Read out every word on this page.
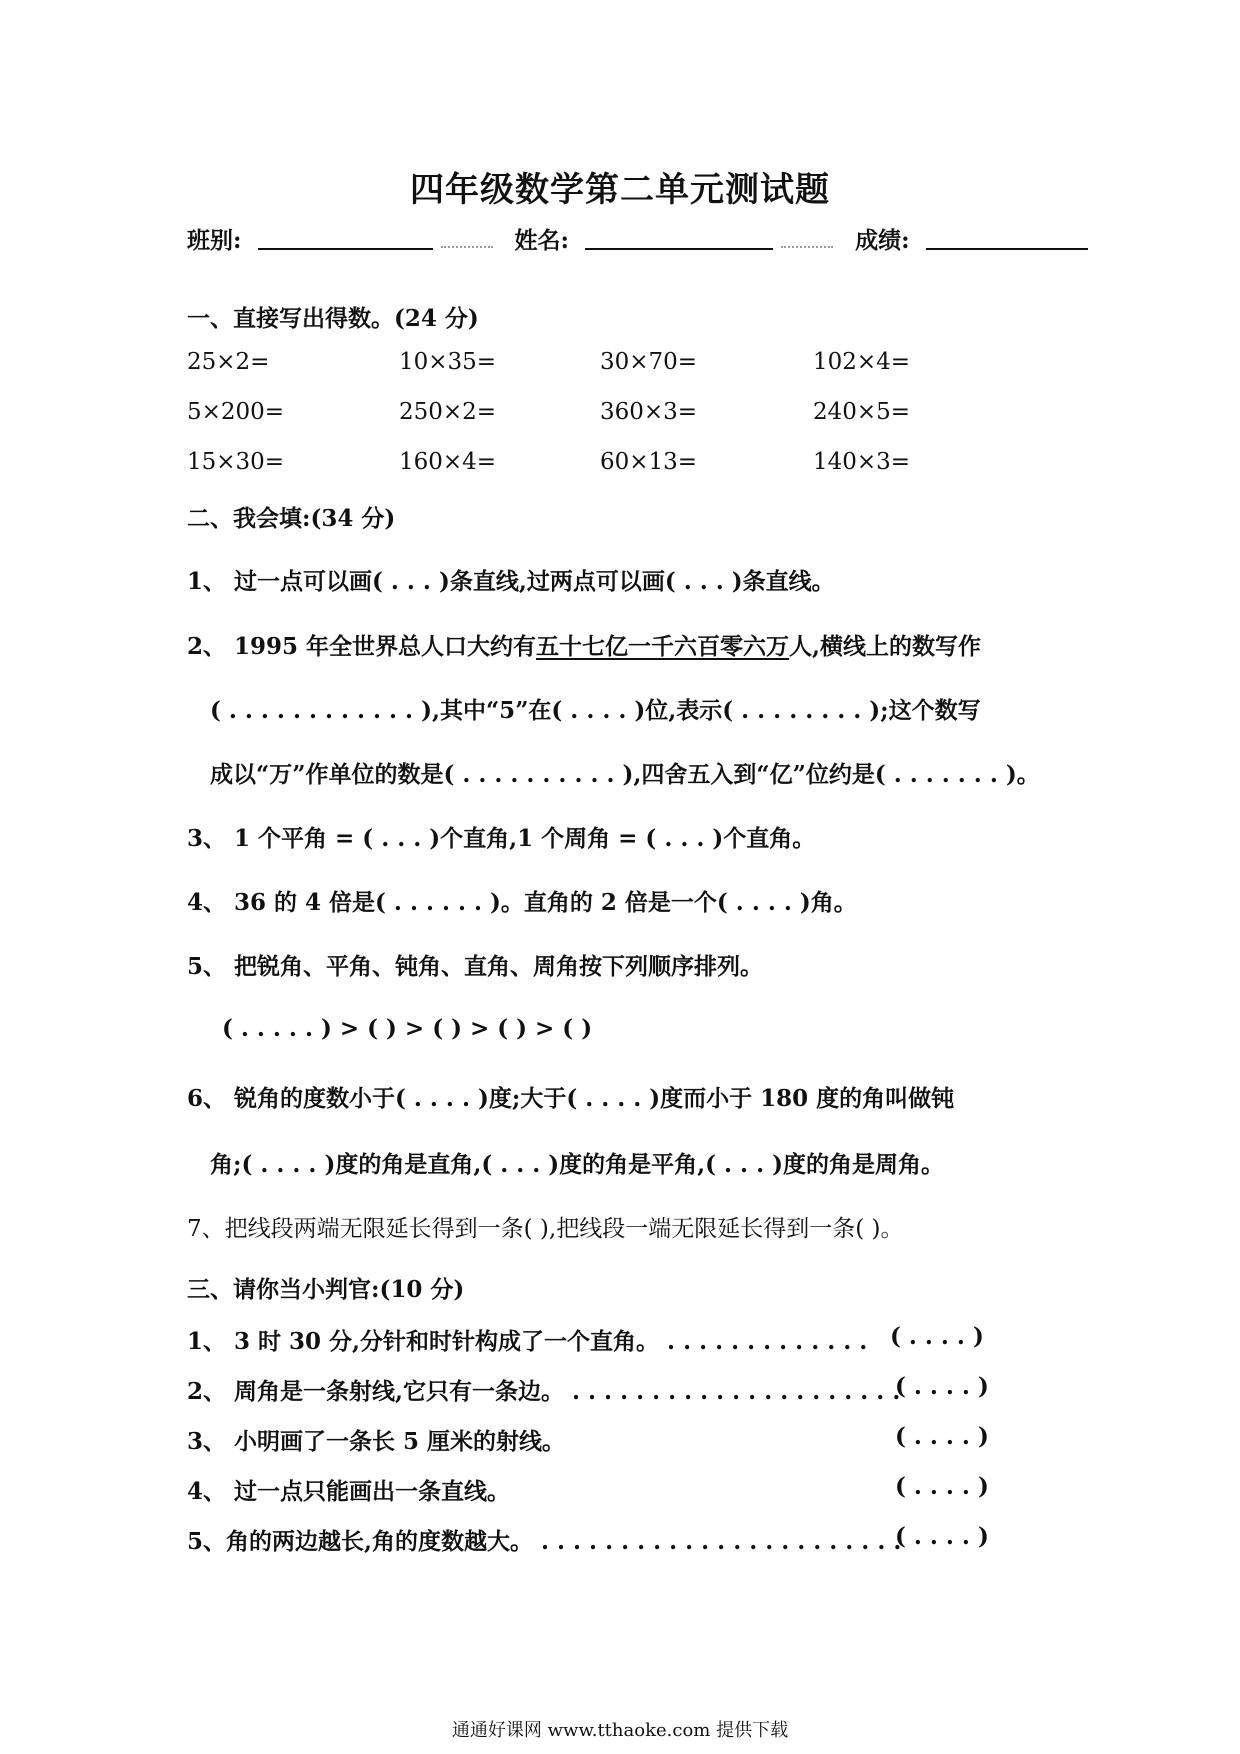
四年级数学第二单元测试题
班别:	姓名:	成绩:
一、直接写出得数。(24 分)
25×2=	10×35=	30×70=	102×4=
5×200=	250×2=	360×3=	240×5=
15×30=	160×4=	60×13=	140×3=
二、我会填:(34 分)
1、 过一点可以画( . . . )条直线,过两点可以画( . . . )条直线。
2、 1995 年全世界总人口大约有五十七亿一千六百零六万人,横线上的数写作
( . . . . . . . . . . . . ),其中“5”在( . . . . )位,表示( . . . . . . . . );这个数写
成以“万”作单位的数是( . . . . . . . . . . ),四舍五入到“亿”位约是( . . . . . . . )。
3、 1 个平角 = ( . . . )个直角,1 个周角 = ( . . . )个直角。
4、 36 的 4 倍是( . . . . . . )。直角的 2 倍是一个( . . . . )角。
5、 把锐角、平角、钝角、直角、周角按下列顺序排列。
( . . . . . ) > ( ) > ( ) > ( ) > ( )
6、 锐角的度数小于( . . . . )度;大于( . . . . )度而小于 180 度的角叫做钝
角;( . . . . )度的角是直角,( . . . )度的角是平角,( . . . )度的角是周角。
7、把线段两端无限延长得到一条( ),把线段一端无限延长得到一条( )。
三、请你当小判官:(10 分)
1、 3 时 30 分,分针和时针构成了一个直角。 . . . . . . . . . . . . . ( . . . . )
2、 周角是一条射线,它只有一条边。 . . . . . . . . . . . . . . . . . . . . .
( . . . . )
3、 小明画了一条长 5 厘米的射线。	( . . . . )
4、 过一点只能画出一条直线。	( . . . . )
5、角的两边越长,角的度数越大。 . . . . . . . . . . . . . . . . . . . . . . .
( . . . . )
通通好课网 www.tthaoke.com 提供下载
